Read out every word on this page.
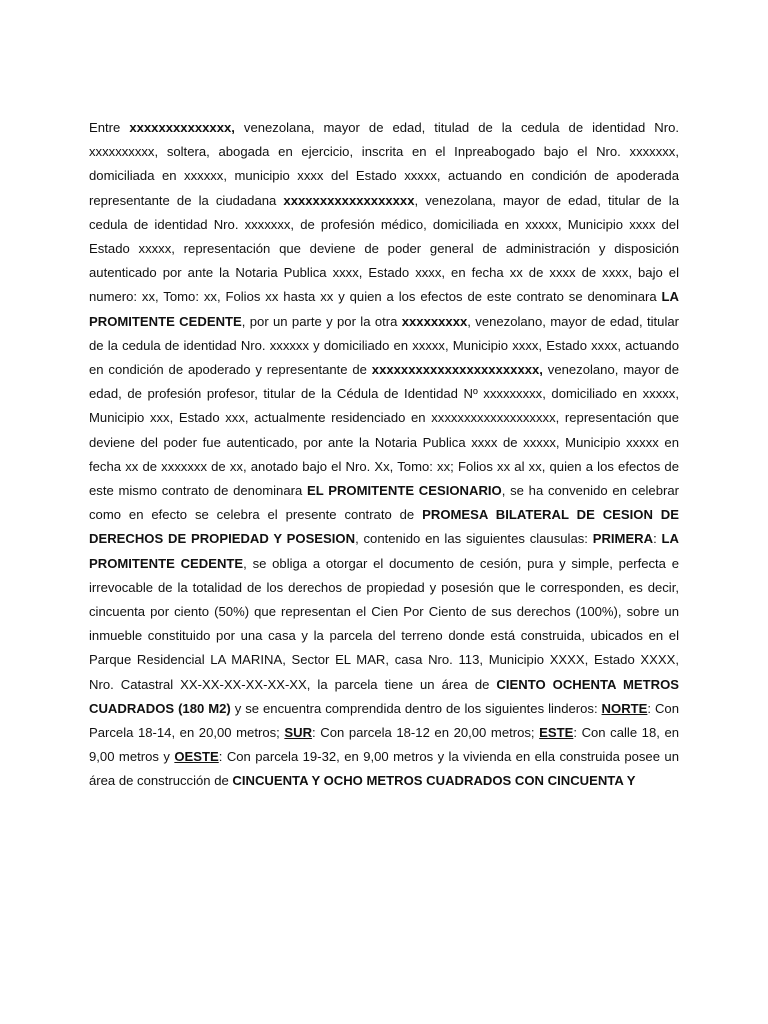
Entre xxxxxxxxxxxxxx, venezolana, mayor de edad, titulad de la cedula de identidad Nro. xxxxxxxxxx, soltera, abogada en ejercicio, inscrita en el Inpreabogado bajo el Nro. xxxxxxx, domiciliada en xxxxxx, municipio xxxx del Estado xxxxx, actuando en condición de apoderada representante de la ciudadana xxxxxxxxxxxxxxxxxx, venezolana, mayor de edad, titular de la cedula de identidad Nro. xxxxxxx, de profesión médico, domiciliada en xxxxx, Municipio xxxx del Estado xxxxx, representación que deviene de poder general de administración y disposición autenticado por ante la Notaria Publica xxxx, Estado xxxx, en fecha xx de xxxx de xxxx, bajo el numero: xx, Tomo: xx, Folios xx hasta xx y quien a los efectos de este contrato se denominara LA PROMITENTE CEDENTE, por un parte y por la otra xxxxxxxxx, venezolano, mayor de edad, titular de la cedula de identidad Nro. xxxxxx y domiciliado en xxxxx, Municipio xxxx, Estado xxxx, actuando en condición de apoderado y representante de xxxxxxxxxxxxxxxxxxxxxxx, venezolano, mayor de edad, de profesión profesor, titular de la Cédula de Identidad Nº xxxxxxxxx, domiciliado en xxxxx, Municipio xxx, Estado xxx, actualmente residenciado en xxxxxxxxxxxxxxxxxxx, representación que deviene del poder fue autenticado, por ante la Notaria Publica xxxx de xxxxx, Municipio xxxxx en fecha xx de xxxxxxx de xx, anotado bajo el Nro. Xx, Tomo: xx; Folios xx al xx, quien a los efectos de este mismo contrato de denominara EL PROMITENTE CESIONARIO, se ha convenido en celebrar como en efecto se celebra el presente contrato de PROMESA BILATERAL DE CESION DE DERECHOS DE PROPIEDAD Y POSESION, contenido en las siguientes clausulas: PRIMERA: LA PROMITENTE CEDENTE, se obliga a otorgar el documento de cesión, pura y simple, perfecta e irrevocable de la totalidad de los derechos de propiedad y posesión que le corresponden, es decir, cincuenta por ciento (50%) que representan el Cien Por Ciento de sus derechos (100%), sobre un inmueble constituido por una casa y la parcela del terreno donde está construida, ubicados en el Parque Residencial LA MARINA, Sector EL MAR, casa Nro. 113, Municipio XXXX, Estado XXXX, Nro. Catastral XX-XX-XX-XX-XX-XX, la parcela tiene un área de CIENTO OCHENTA METROS CUADRADOS (180 M2) y se encuentra comprendida dentro de los siguientes linderos: NORTE: Con Parcela 18-14, en 20,00 metros; SUR: Con parcela 18-12 en 20,00 metros; ESTE: Con calle 18, en 9,00 metros y OESTE: Con parcela 19-32, en 9,00 metros y la vivienda en ella construida posee un área de construcción de CINCUENTA Y OCHO METROS CUADRADOS CON CINCUENTA Y
